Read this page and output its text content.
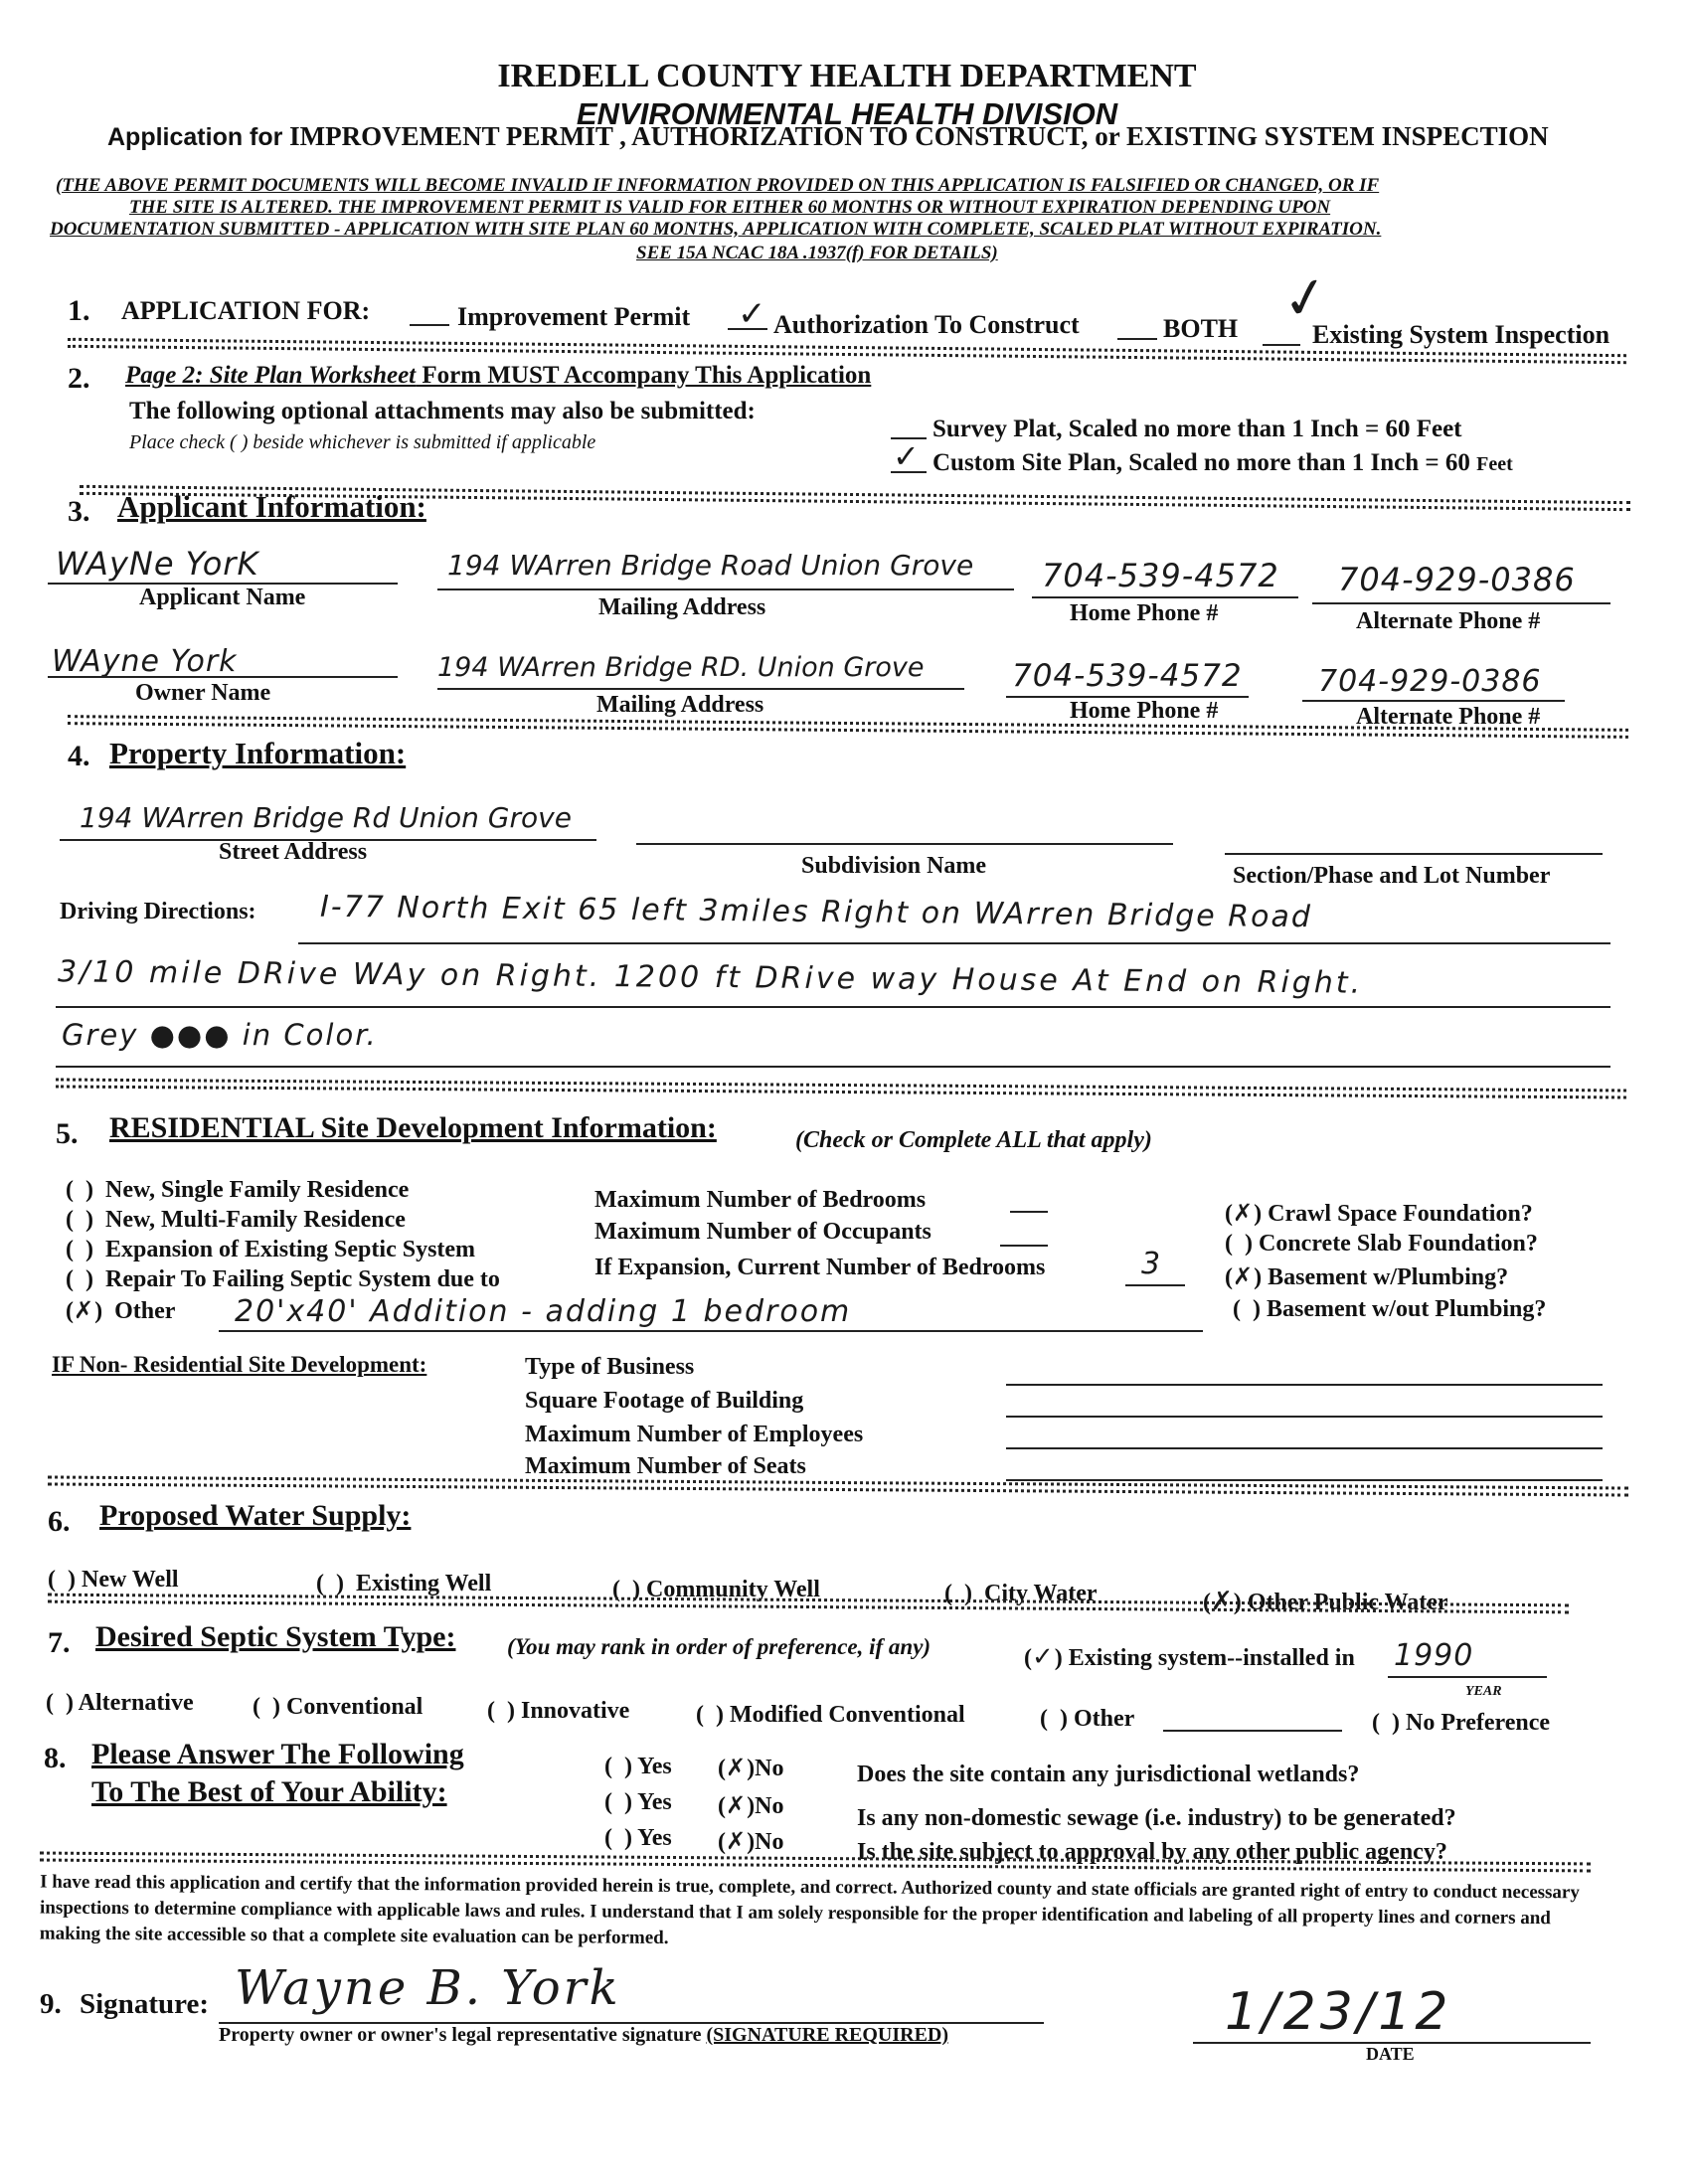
IREDELL COUNTY HEALTH DEPARTMENT
ENVIRONMENTAL HEALTH DIVISION
Application for IMPROVEMENT PERMIT , AUTHORIZATION TO CONSTRUCT, or EXISTING SYSTEM INSPECTION
(THE ABOVE PERMIT DOCUMENTS WILL BECOME INVALID IF INFORMATION PROVIDED ON THIS APPLICATION IS FALSIFIED OR CHANGED, OR IF
THE SITE IS ALTERED. THE IMPROVEMENT PERMIT IS VALID FOR EITHER 60 MONTHS OR WITHOUT EXPIRATION DEPENDING UPON
DOCUMENTATION SUBMITTED - APPLICATION WITH SITE PLAN 60 MONTHS, APPLICATION WITH COMPLETE, SCALED PLAT WITHOUT EXPIRATION.
SEE 15A NCAC 18A .1937(f) FOR DETAILS)
1. APPLICATION FOR:	Improvement Permit ✓ Authorization To Construct	BOTH ✓
Existing System Inspection
2. Page 2: Site Plan Worksheet Form MUST Accompany This Application
The following optional attachments may also be submitted:
Place check ( ) beside whichever is submitted if applicable	Survey Plat, Scaled no more than 1 Inch = 60 Feet
✓ Custom Site Plan, Scaled no more than 1 Inch = 60 Feet
3. Applicant Information:
WAyNe YorK
Applicant Name
194 WArren Bridge Road Union Grove
Mailing Address
704-539-4572
Home Phone #
704-929-0386
Alternate Phone #
WAyne York
Owner Name
194 WArren Bridge RD. Union Grove
Mailing Address
704-539-4572
Home Phone #
704-929-0386
Alternate Phone #
4. Property Information:
194 WArren Bridge Rd Union Grove
Street Address
Subdivision Name	Section/Phase and Lot Number
Driving Directions: I-77 North Exit 65 left 3miles Right on WArren Bridge Road
3/10 mile DRive WAy on Right. 1200 ft DRive way House At End on Right.
Grey ●●● in Color.
5. RESIDENTIAL Site Development Information:	(Check or Complete ALL that apply)
(  )  New, Single Family Residence
(  )  New, Multi-Family Residence
(  )  Expansion of Existing Septic System
(  )  Repair To Failing Septic System due to
(✗)  Other 20'x40' Addition - adding 1 bedroom
Maximum Number of Bedrooms
Maximum Number of Occupants
If Expansion, Current Number of Bedrooms	3
(✗) Crawl Space Foundation?
(  ) Concrete Slab Foundation?
(✗) Basement w/Plumbing?
(  ) Basement w/out Plumbing?
IF Non- Residential Site Development:	Type of Business
Square Footage of Building
Maximum Number of Employees
Maximum Number of Seats
6. Proposed Water Supply:
(  ) New Well	(  )  Existing Well	(  ) Community Well	(  )  City Water	(✗) Other Public Water
7. Desired Septic System Type: (You may rank in order of preference, if any)	(✓) Existing system--installed in 1990
YEAR
(  ) Alternative (  ) Conventional	(  ) Innovative	(  ) Modified Conventional	(  ) Other	(  ) No Preference
8. Please Answer The Following
To The Best of Your Ability:
(  ) Yes (✗)No	Does the site contain any jurisdictional wetlands?
(  ) Yes (✗)No	Is any non-domestic sewage (i.e. industry) to be generated?
(  ) Yes (✗)No	Is the site subject to approval by any other public agency?
I have read this application and certify that the information provided herein is true, complete, and correct. Authorized county and state officials are granted right of entry to conduct necessary inspections to determine compliance with applicable laws and rules. I understand that I am solely responsible for the proper identification and labeling of all property lines and corners and making the site accessible so that a complete site evaluation can be performed.
9. Signature: Wayne B. York
Property owner or owner's legal representative signature (SIGNATURE REQUIRED)	1/23/12
DATE
